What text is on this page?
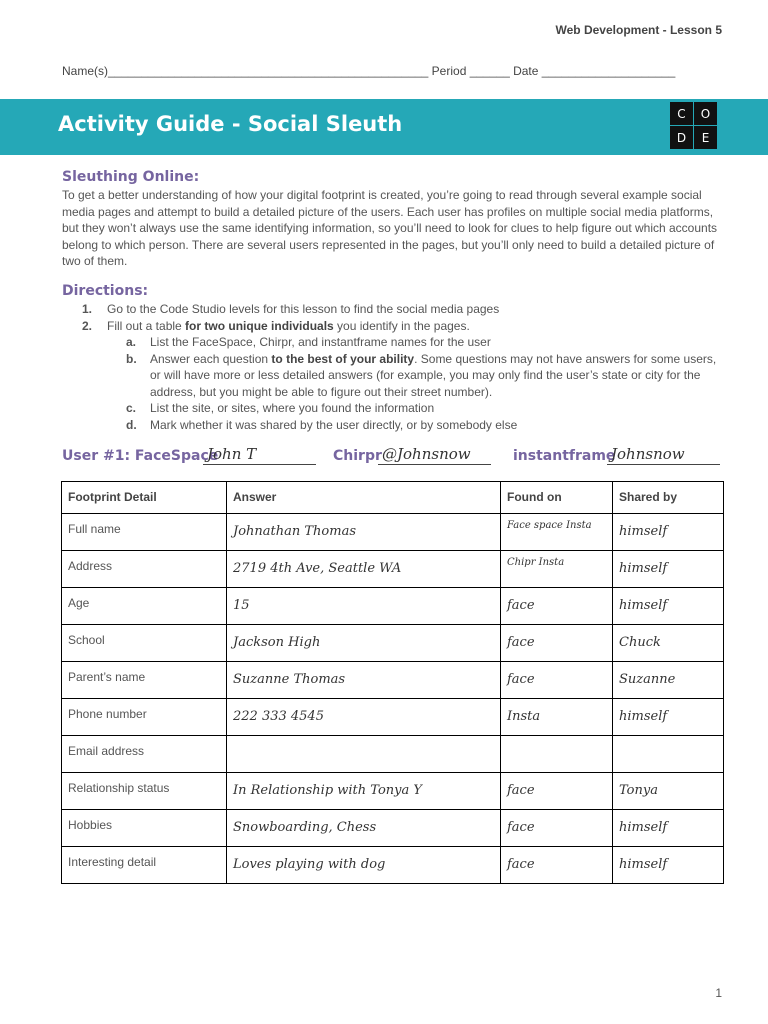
Web Development - Lesson 5
Name(s)________________________________________________ Period ______ Date ____________________
Activity Guide - Social Sleuth	C	O
D	E
Sleuthing Online:
To get a better understanding of how your digital footprint is created, you’re going to read through several example social media pages and attempt to build a detailed picture of the users. Each user has profiles on multiple social media platforms, but they won’t always use the same identifying information, so you’ll need to look for clues to help figure out which accounts belong to which person. There are several users represented in the pages, but you’ll only need to build a detailed picture of two of them.
Directions:
1.	Go to the Code Studio levels for this lesson to find the social media pages
2.	Fill out a table for two unique individuals you identify in the pages.
a.	List the FaceSpace, Chirpr, and instantframe names for the user
b.	Answer each question to the best of your ability. Some questions may not have answers for some users, or will have more or less detailed answers (for example, you may only find the user’s state or city for the address, but you might be able to figure out their street number).
c.	List the site, or sites, where you found the information
d.	Mark whether it was shared by the user directly, or by somebody else
User #1: FaceSpace
John T	Chirpr @Johnsnow	instantframe
Johnsnow
Footprint Detail	Answer	Found on	Shared by
Full name	Johnathan Thomas	Face space Insta	himself
Address	2719 4th Ave, Seattle WA	Chipr Insta	himself
Age	15	face	himself
School	Jackson High	face	Chuck
Parent’s name	Suzanne Thomas	face	Suzanne
Phone number	222 333 4545	Insta	himself
Email address			
Relationship status	In Relationship with Tonya Y	face	Tonya
Hobbies	Snowboarding, Chess	face	himself
Interesting detail	Loves playing with dog	face	himself
1
